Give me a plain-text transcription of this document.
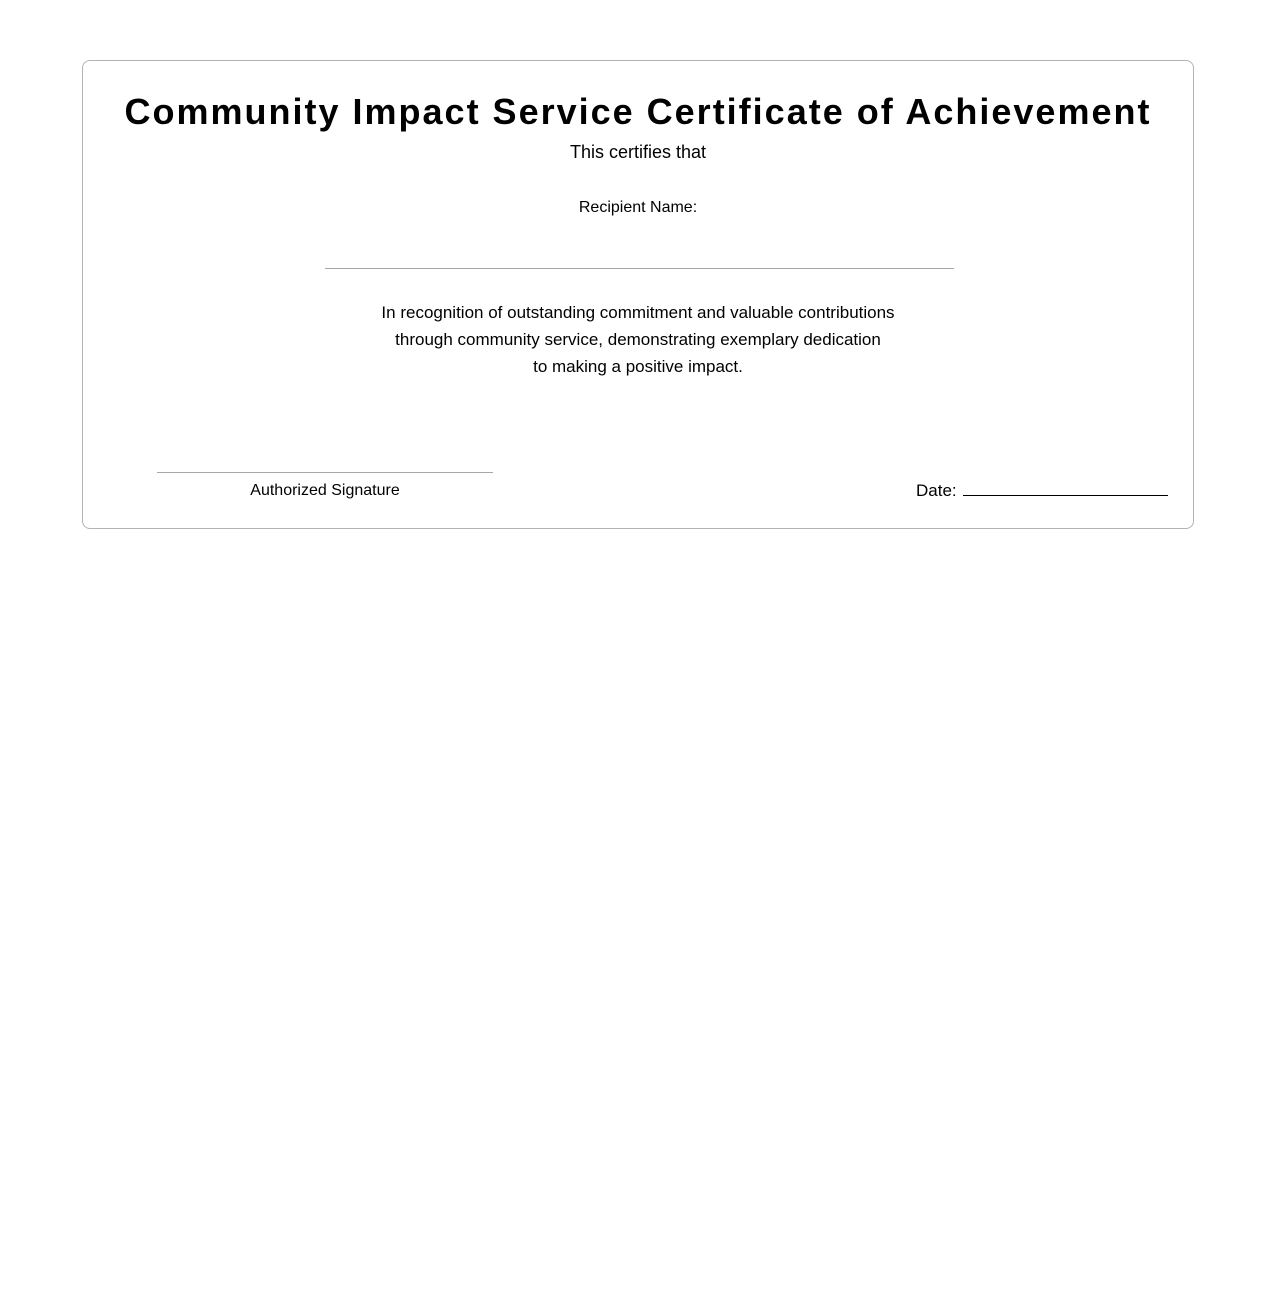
Community Impact Service Certificate of Achievement
This certifies that
Recipient Name:
In recognition of outstanding commitment and valuable contributions
through community service, demonstrating exemplary dedication
to making a positive impact.
Authorized Signature	Date:
